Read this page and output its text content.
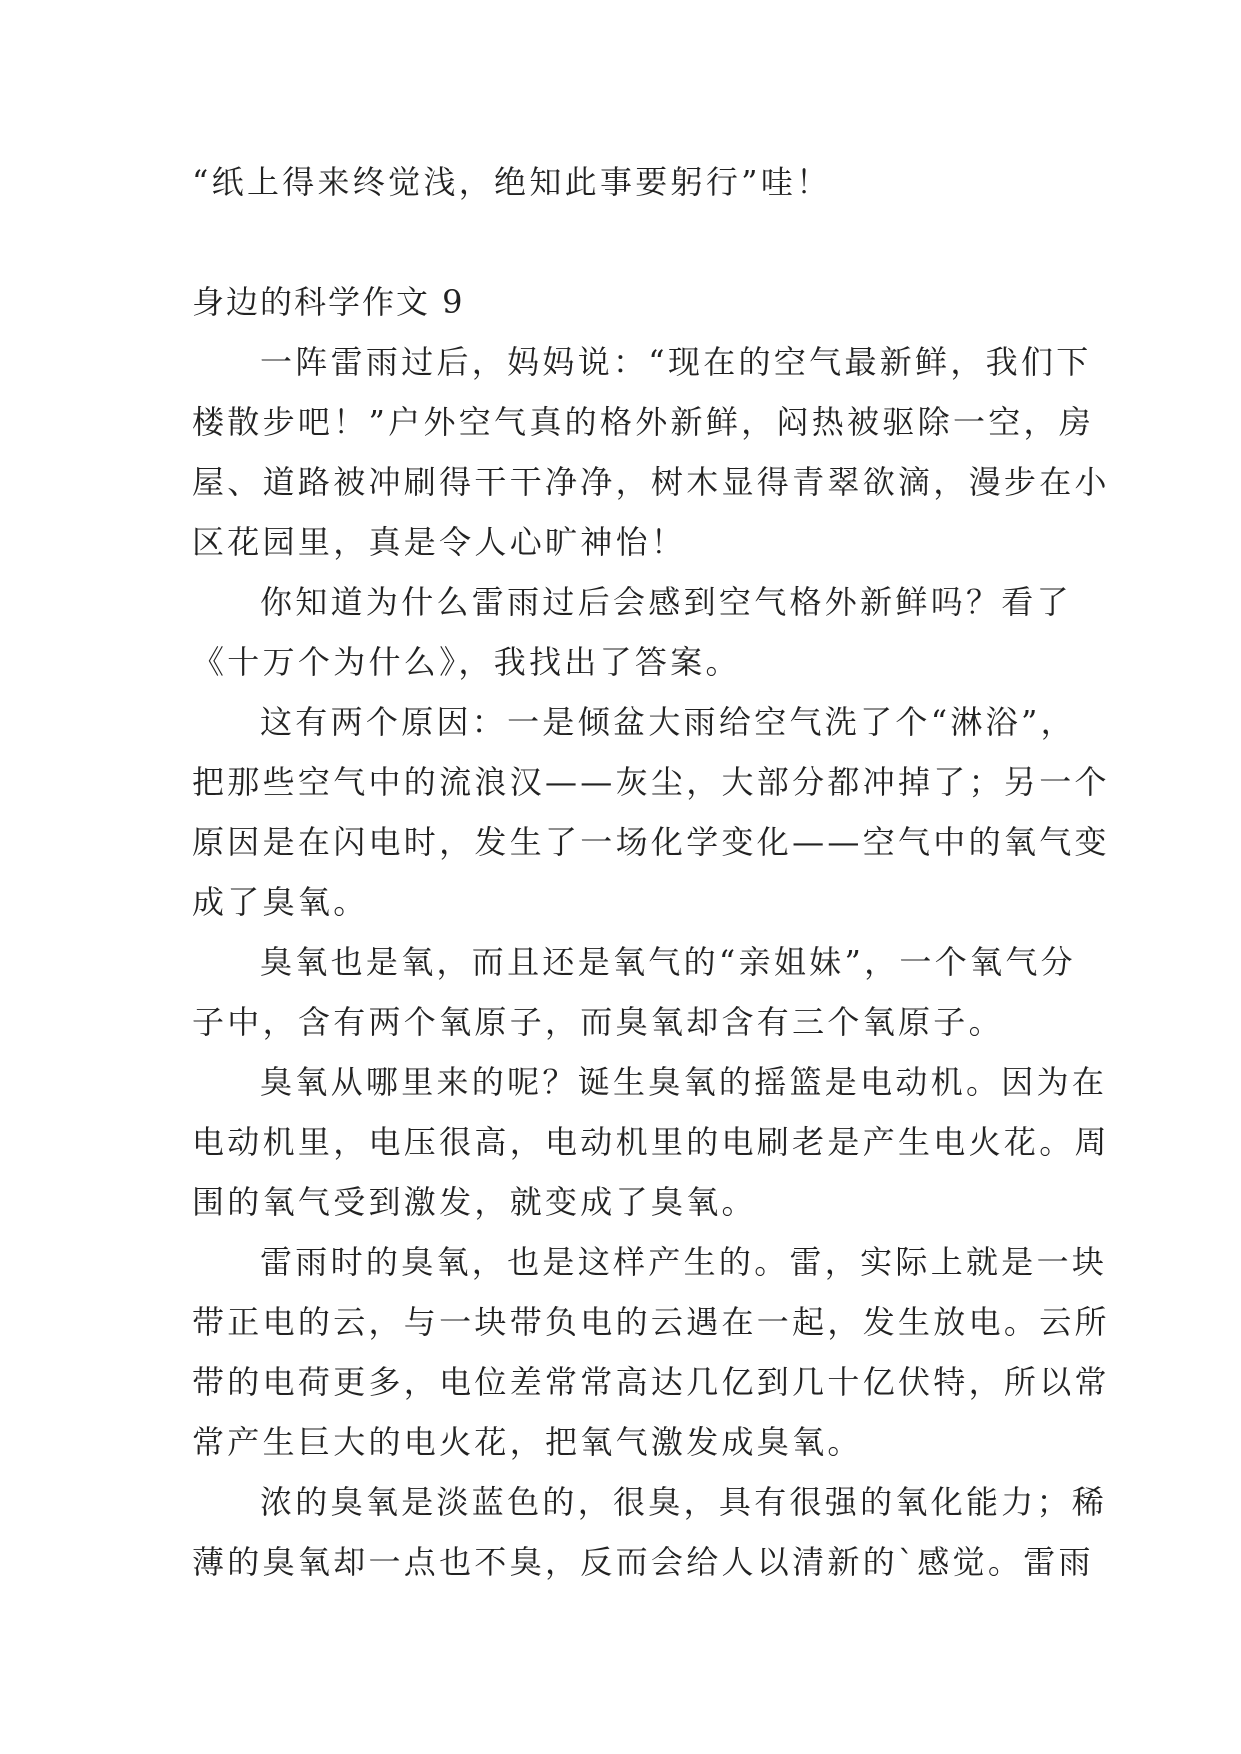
“纸上得来终觉浅，绝知此事要躬行”哇！
身边的科学作文 9
一阵雷雨过后，妈妈说：“现在的空气最新鲜，我们下
楼散步吧！”户外空气真的格外新鲜，闷热被驱除一空，房
屋、道路被冲刷得干干净净，树木显得青翠欲滴，漫步在小
区花园里，真是令人心旷神怡！
你知道为什么雷雨过后会感到空气格外新鲜吗？看了
《十万个为什么》，我找出了答案。
这有两个原因：一是倾盆大雨给空气洗了个“淋浴”，
把那些空气中的流浪汉——灰尘，大部分都冲掉了；另一个
原因是在闪电时，发生了一场化学变化——空气中的氧气变
成了臭氧。
臭氧也是氧，而且还是氧气的“亲姐妹”，一个氧气分
子中，含有两个氧原子，而臭氧却含有三个氧原子。
臭氧从哪里来的呢？诞生臭氧的摇篮是电动机。因为在
电动机里，电压很高，电动机里的电刷老是产生电火花。周
围的氧气受到激发，就变成了臭氧。
雷雨时的臭氧，也是这样产生的。雷，实际上就是一块
带正电的云，与一块带负电的云遇在一起，发生放电。云所
带的电荷更多，电位差常常高达几亿到几十亿伏特，所以常
常产生巨大的电火花，把氧气激发成臭氧。
浓的臭氧是淡蓝色的，很臭，具有很强的氧化能力；稀
薄的臭氧却一点也不臭，反而会给人以清新的`感觉。雷雨
